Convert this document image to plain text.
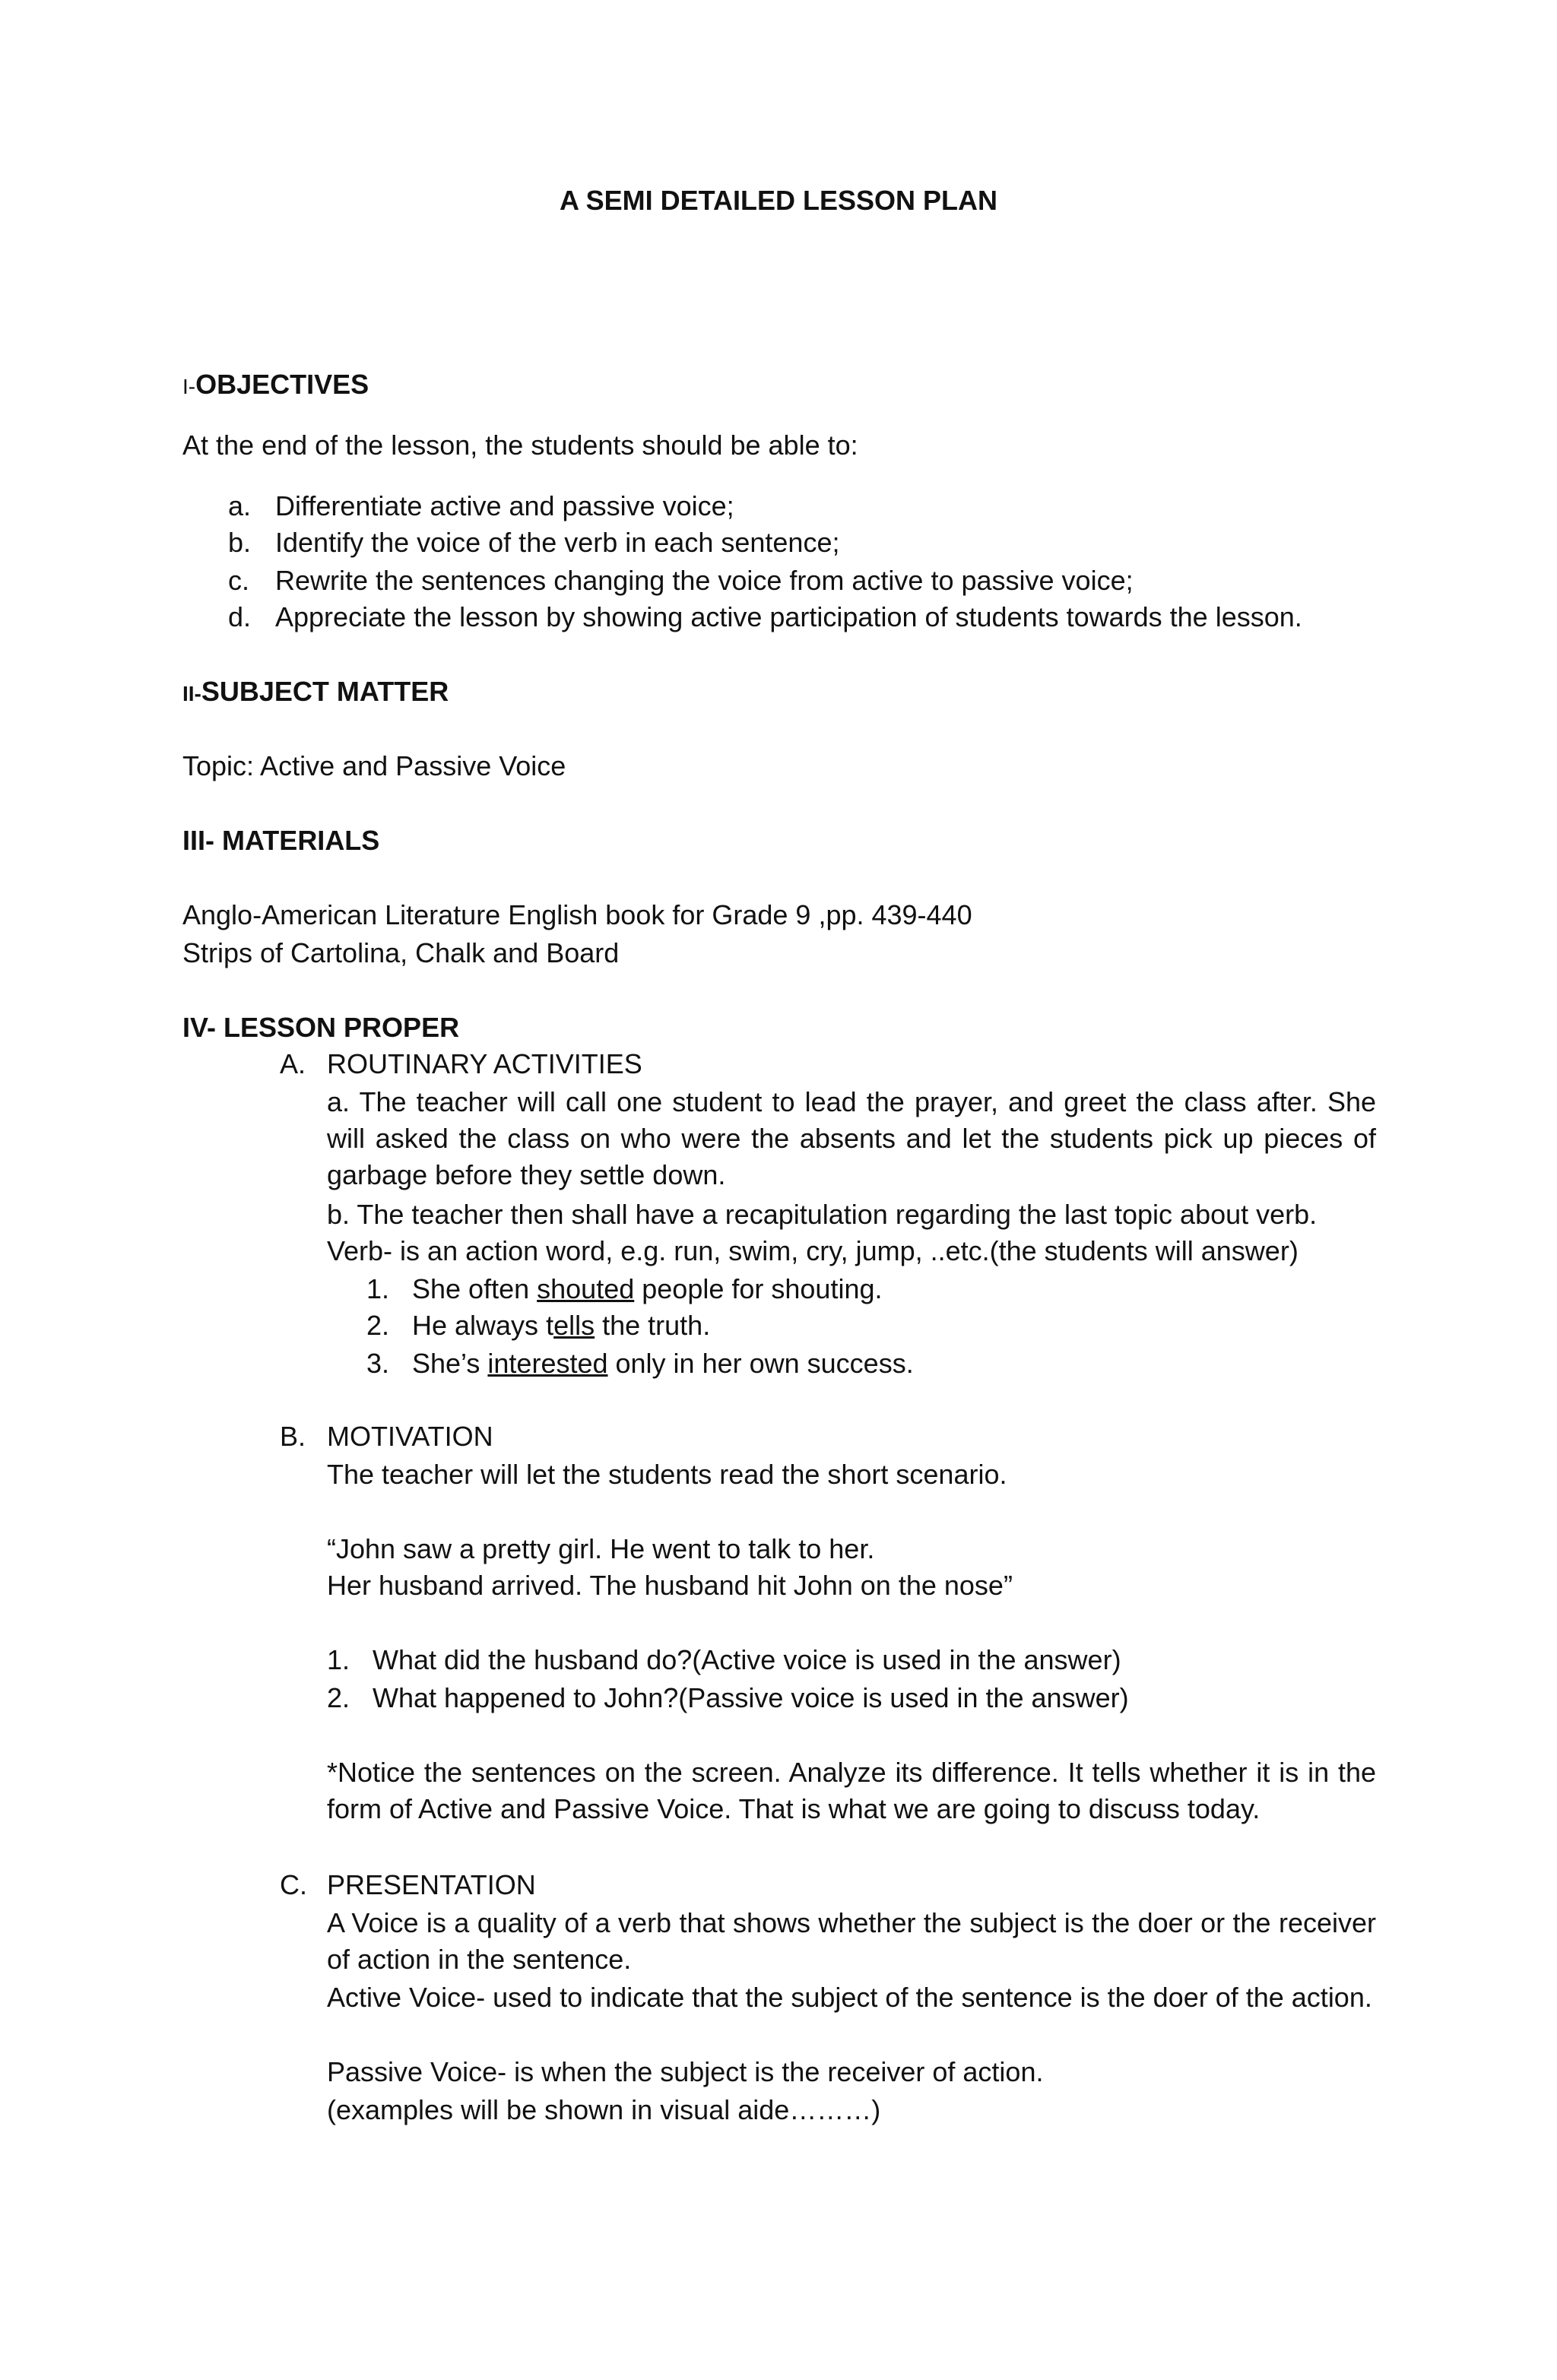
A SEMI DETAILED LESSON PLAN
I-OBJECTIVES
At the end of the lesson, the students should be able to:
a. Differentiate active and passive voice;
b. Identify the voice of the verb in each sentence;
c. Rewrite the sentences changing the voice from active to passive voice;
d. Appreciate the lesson by showing active participation of students towards the lesson.
II-SUBJECT MATTER
Topic: Active and Passive Voice
III- MATERIALS
Anglo-American Literature English book for Grade 9 ,pp. 439-440
Strips of Cartolina, Chalk and Board
IV- LESSON PROPER
A. ROUTINARY ACTIVITIES
a. The teacher will call one student to lead the prayer, and greet the class after. She will asked the class on who were the absents and let the students pick up pieces of garbage before they settle down.
b. The teacher then shall have a recapitulation regarding the last topic about verb.
Verb- is an action word, e.g. run, swim, cry, jump, ..etc.(the students will answer)
1. She often shouted people for shouting.
2. He always tells the truth.
3. She’s interested only in her own success.
B. MOTIVATION
The teacher will let the students read the short scenario.
“John saw a pretty girl. He went to talk to her.
Her husband arrived. The husband hit John on the nose”
1. What did the husband do?(Active voice is used in the answer)
2. What happened to John?(Passive voice is used in the answer)
*Notice the sentences on the screen. Analyze its difference. It tells whether it is in the form of Active and Passive Voice. That is what we are going to discuss today.
C. PRESENTATION
A Voice is a quality of a verb that shows whether the subject is the doer or the receiver of action in the sentence.
Active Voice- used to indicate that the subject of the sentence is the doer of the action.
Passive Voice- is when the subject is the receiver of action.
(examples will be shown in visual aide………)
